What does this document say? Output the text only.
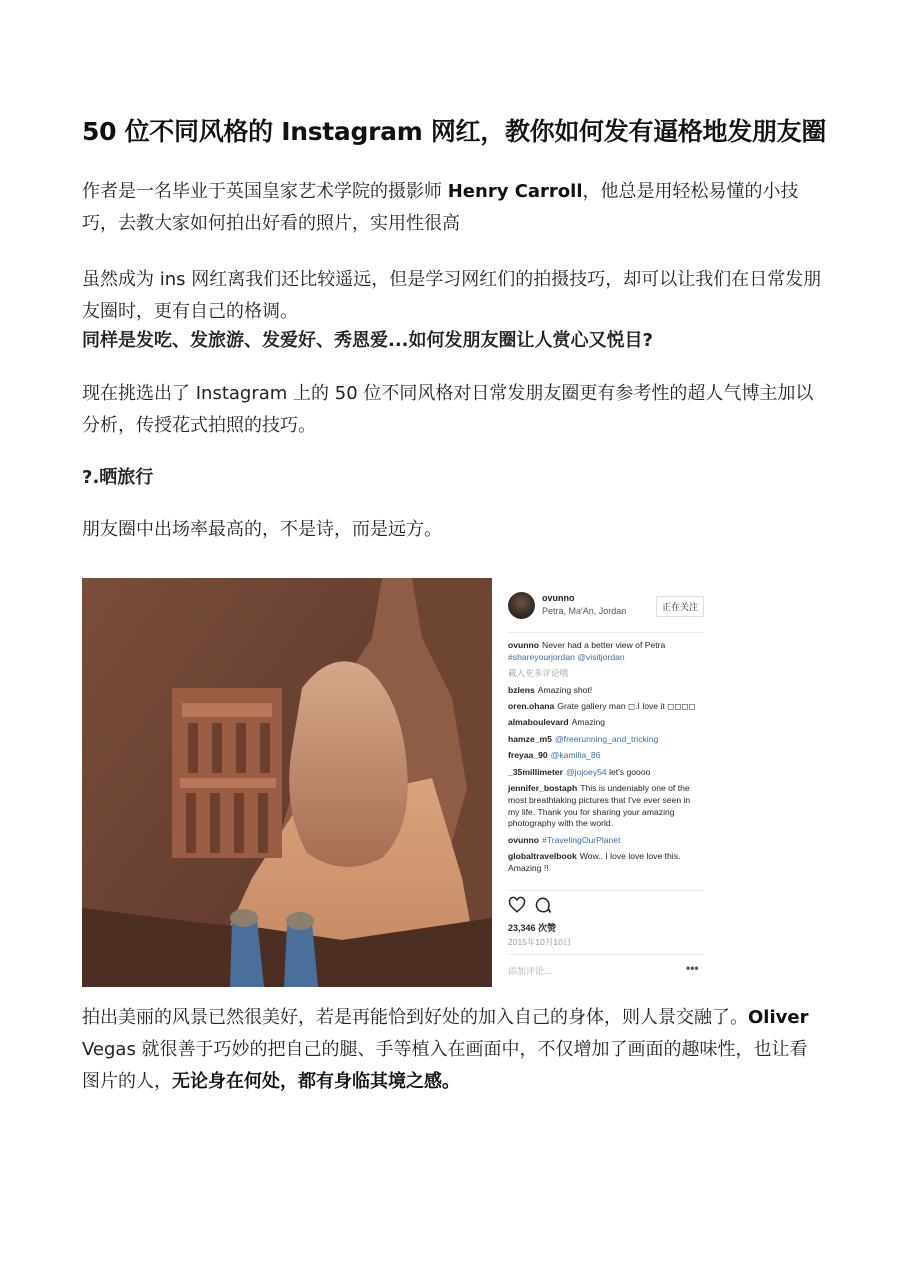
50 位不同风格的 Instagram 网红，教你如何发有逼格地发朋友圈

作者是一名毕业于英国皇家艺术学院的摄影师 Henry Carroll，他总是用轻松易懂的小技巧，去教大家如何拍出好看的照片，实用性很高

虽然成为 ins 网红离我们还比较遥远，但是学习网红们的拍摄技巧，却可以让我们在日常发朋友圈时，更有自己的格调。

同样是发吃、发旅游、发爱好、秀恩爱...如何发朋友圈让人赏心又悦目?

现在挑选出了 Instagram 上的 50 位不同风格对日常发朋友圈更有参考性的超人气博主加以分析，传授花式拍照的技巧。

?.晒旅行

朋友圈中出场率最高的，不是诗，而是远方。

ovunno
Petra, Ma'An, Jordan	正在关注
ovunno Never had a better view of Petra
#shareyourjordan @visitjordan
載入更多评论哦
bzlens Amazing shot!
oren.ohana Grate gallery man ◻.I love it ◻◻◻◻
almaboulevard Amazing
hamze_m5 @freerunning_and_tricking
freyaa_90 @kamilia_86
_35millimeter @jojoey54 let's goooo
jennifer_bostaph This is undeniably one of the most breathtaking pictures that I've ever seen in my life. Thank you for sharing your amazing photography with the world.
ovunno #TravelingOurPlanet
globaltravelbook Wow.. I love love love this. Amazing !!
23,346 次赞
2015年10月10日
添加评论...	•••

拍出美丽的风景已然很美好，若是再能恰到好处的加入自己的身体，则人景交融了。Oliver Vegas 就很善于巧妙的把自己的腿、手等植入在画面中，不仅增加了画面的趣味性，也让看图片的人，无论身在何处，都有身临其境之感。
